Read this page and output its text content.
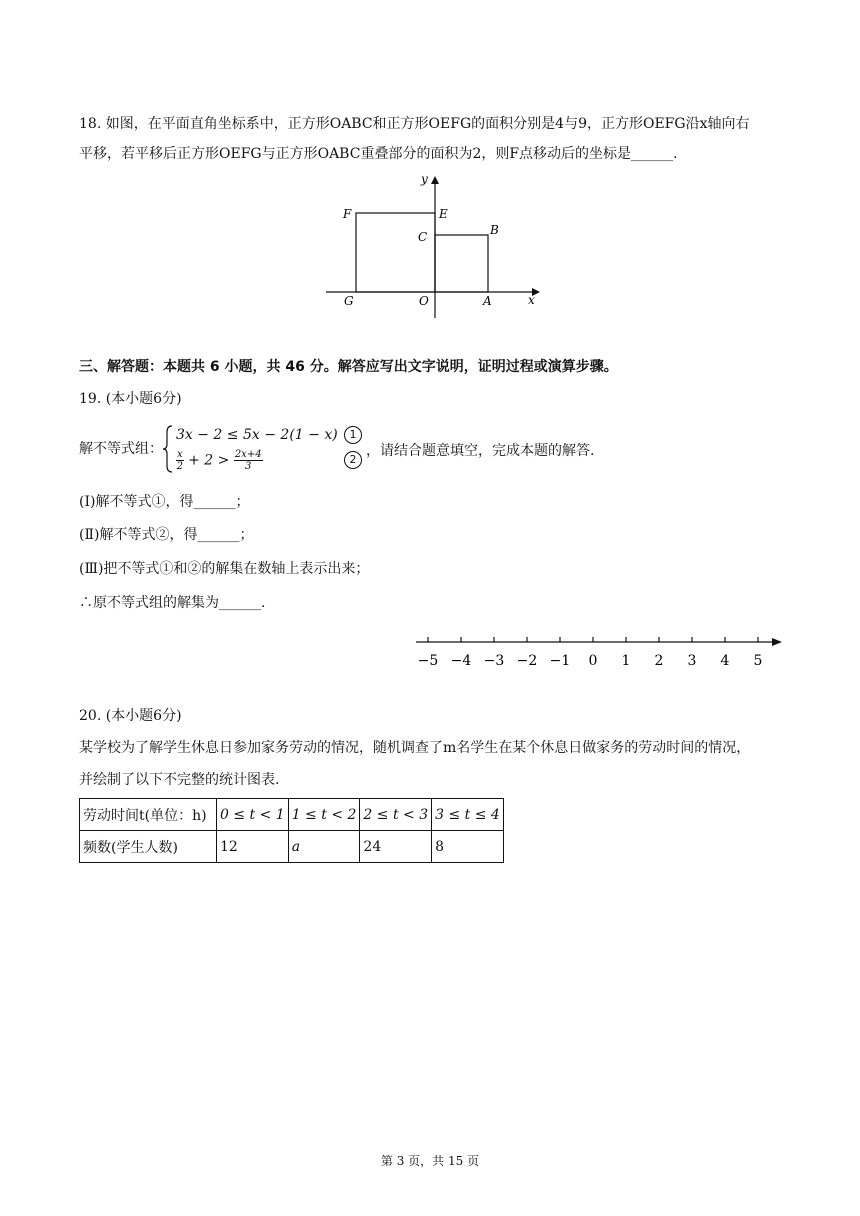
18. 如图，在平面直角坐标系中，正方形OABC和正方形OEFG的面积分别是4与9，正方形OEFG沿x轴向右
平移，若平移后正方形OEFG与正方形OABC重叠部分的面积为2，则F点移动后的坐标是______.
y
x
F	E
C	B
G	O	A
三、解答题：本题共 6 小题，共 46 分。解答应写出文字说明，证明过程或演算步骤。
19. (本小题6分)
解不等式组：
3x − 2 ≤ 5x − 2(1 − x)
$\frac{x}{2} + 2 > \frac{2x+4}{3}$
1
2
，请结合题意填空，完成本题的解答.
(I)解不等式①，得______；
(Ⅱ)解不等式②，得______；
(Ⅲ)把不等式①和②的解集在数轴上表示出来；
∴原不等式组的解集为______.
−5 −4 −3 −2 −1 0 1 2 3 4 5
20. (本小题6分)
某学校为了解学生休息日参加家务劳动的情况，随机调查了m名学生在某个休息日做家务的劳动时间的情况，
并绘制了以下不完整的统计图表.
劳动时间t(单位：h)	0 ≤ t < 1	1 ≤ t < 2	2 ≤ t < 3	3 ≤ t ≤ 4
频数(学生人数)	12	a	24	8
第 3 页，共 15 页
